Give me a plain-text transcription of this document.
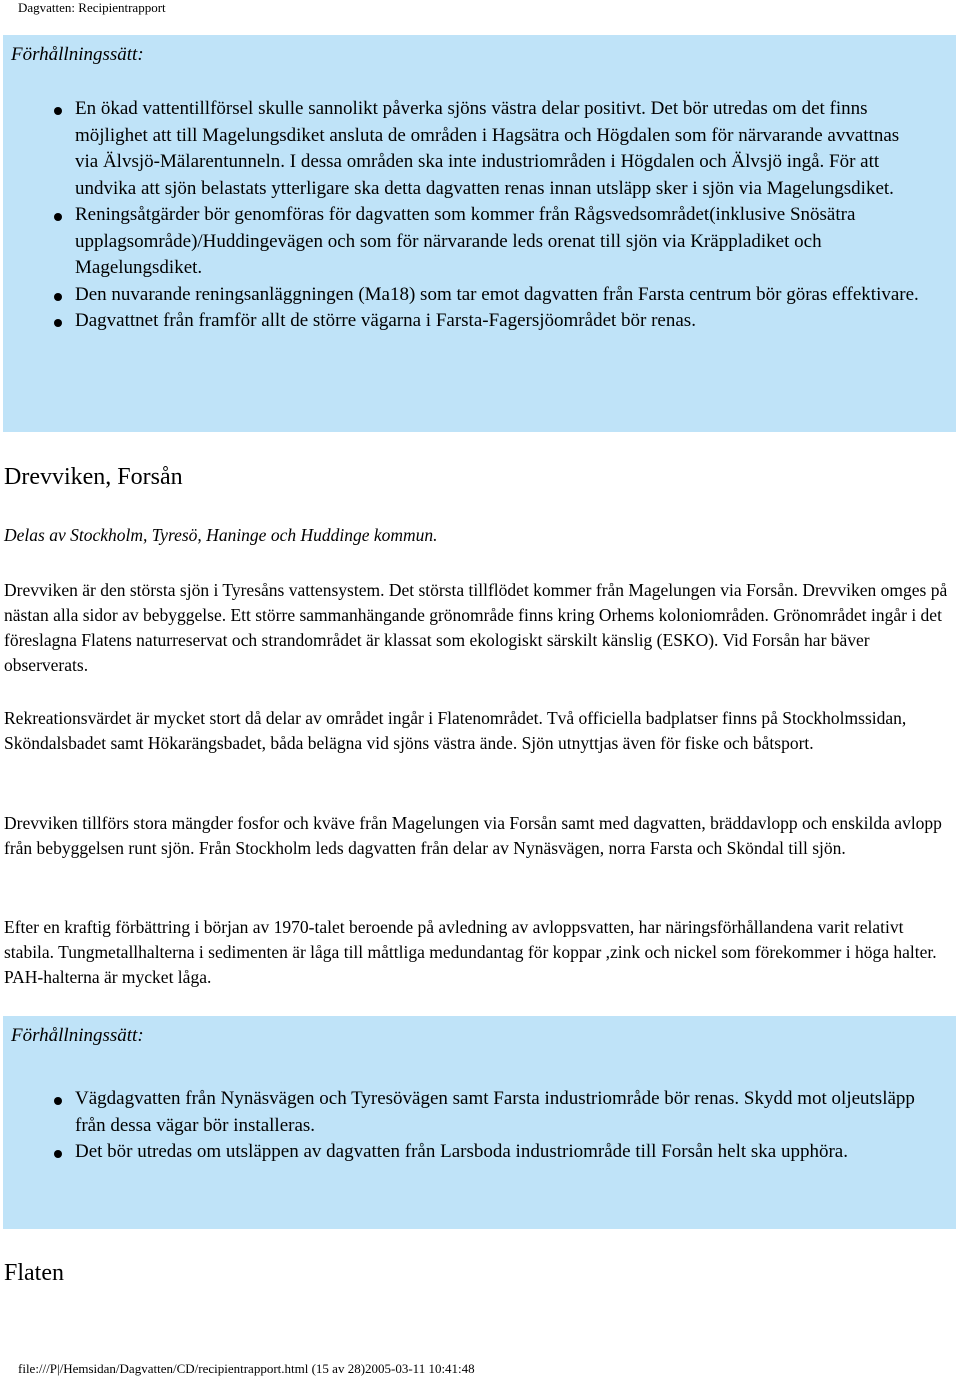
Dagvatten: Recipientrapport
Förhållningssätt:
En ökad vattentillförsel skulle sannolikt påverka sjöns västra delar positivt. Det bör utredas om det finns möjlighet att till Magelungsdiket ansluta de områden i Hagsätra och Högdalen som för närvarande avvattnas via Älvsjö-Mälarentunneln. I dessa områden ska inte industriområden i Högdalen och Älvsjö ingå. För att undvika att sjön belastats ytterligare ska detta dagvatten renas innan utsläpp sker i sjön via Magelungsdiket.
Reningsåtgärder bör genomföras för dagvatten som kommer från Rågsvedsområdet(inklusive Snösätra upplagsområde)/Huddingevägen och som för närvarande leds orenat till sjön via Kräppladiket och Magelungsdiket.
Den nuvarande reningsanläggningen (Ma18) som tar emot dagvatten från Farsta centrum bör göras effektivare.
Dagvattnet från framför allt de större vägarna i Farsta-Fagersjöområdet bör renas.
Drevviken, Forsån

Delas av Stockholm, Tyresö, Haninge och Huddinge kommun.

Drevviken är den största sjön i Tyresåns vattensystem. Det största tillflödet kommer från Magelungen via Forsån. Drevviken omges på nästan alla sidor av bebyggelse. Ett större sammanhängande grönområde finns kring Orhems koloniområden. Grönområdet ingår i det föreslagna Flatens naturreservat och strandområdet är klassat som ekologiskt särskilt känslig (ESKO). Vid Forsån har bäver observerats.

Rekreationsvärdet är mycket stort då delar av området ingår i Flatenområdet. Två officiella badplatser finns på Stockholmssidan, Sköndalsbadet samt Hökarängsbadet, båda belägna vid sjöns västra ände. Sjön utnyttjas även för fiske och båtsport.

Drevviken tillförs stora mängder fosfor och kväve från Magelungen via Forsån samt med dagvatten, bräddavlopp och enskilda avlopp från bebyggelsen runt sjön. Från Stockholm leds dagvatten från delar av Nynäsvägen, norra Farsta och Sköndal till sjön.

Efter en kraftig förbättring i början av 1970-talet beroende på avledning av avloppsvatten, har näringsförhållandena varit relativt stabila. Tungmetallhalterna i sedimenten är låga till måttliga medundantag för koppar ,zink och nickel som förekommer i höga halter. PAH-halterna är mycket låga.

Förhållningssätt:
Vägdagvatten från Nynäsvägen och Tyresövägen samt Farsta industriområde bör renas. Skydd mot oljeutsläpp från dessa vägar bör installeras.
Det bör utredas om utsläppen av dagvatten från Larsboda industriområde till Forsån helt ska upphöra.
Flaten
file:///P|/Hemsidan/Dagvatten/CD/recipientrapport.html (15 av 28)2005-03-11 10:41:48
